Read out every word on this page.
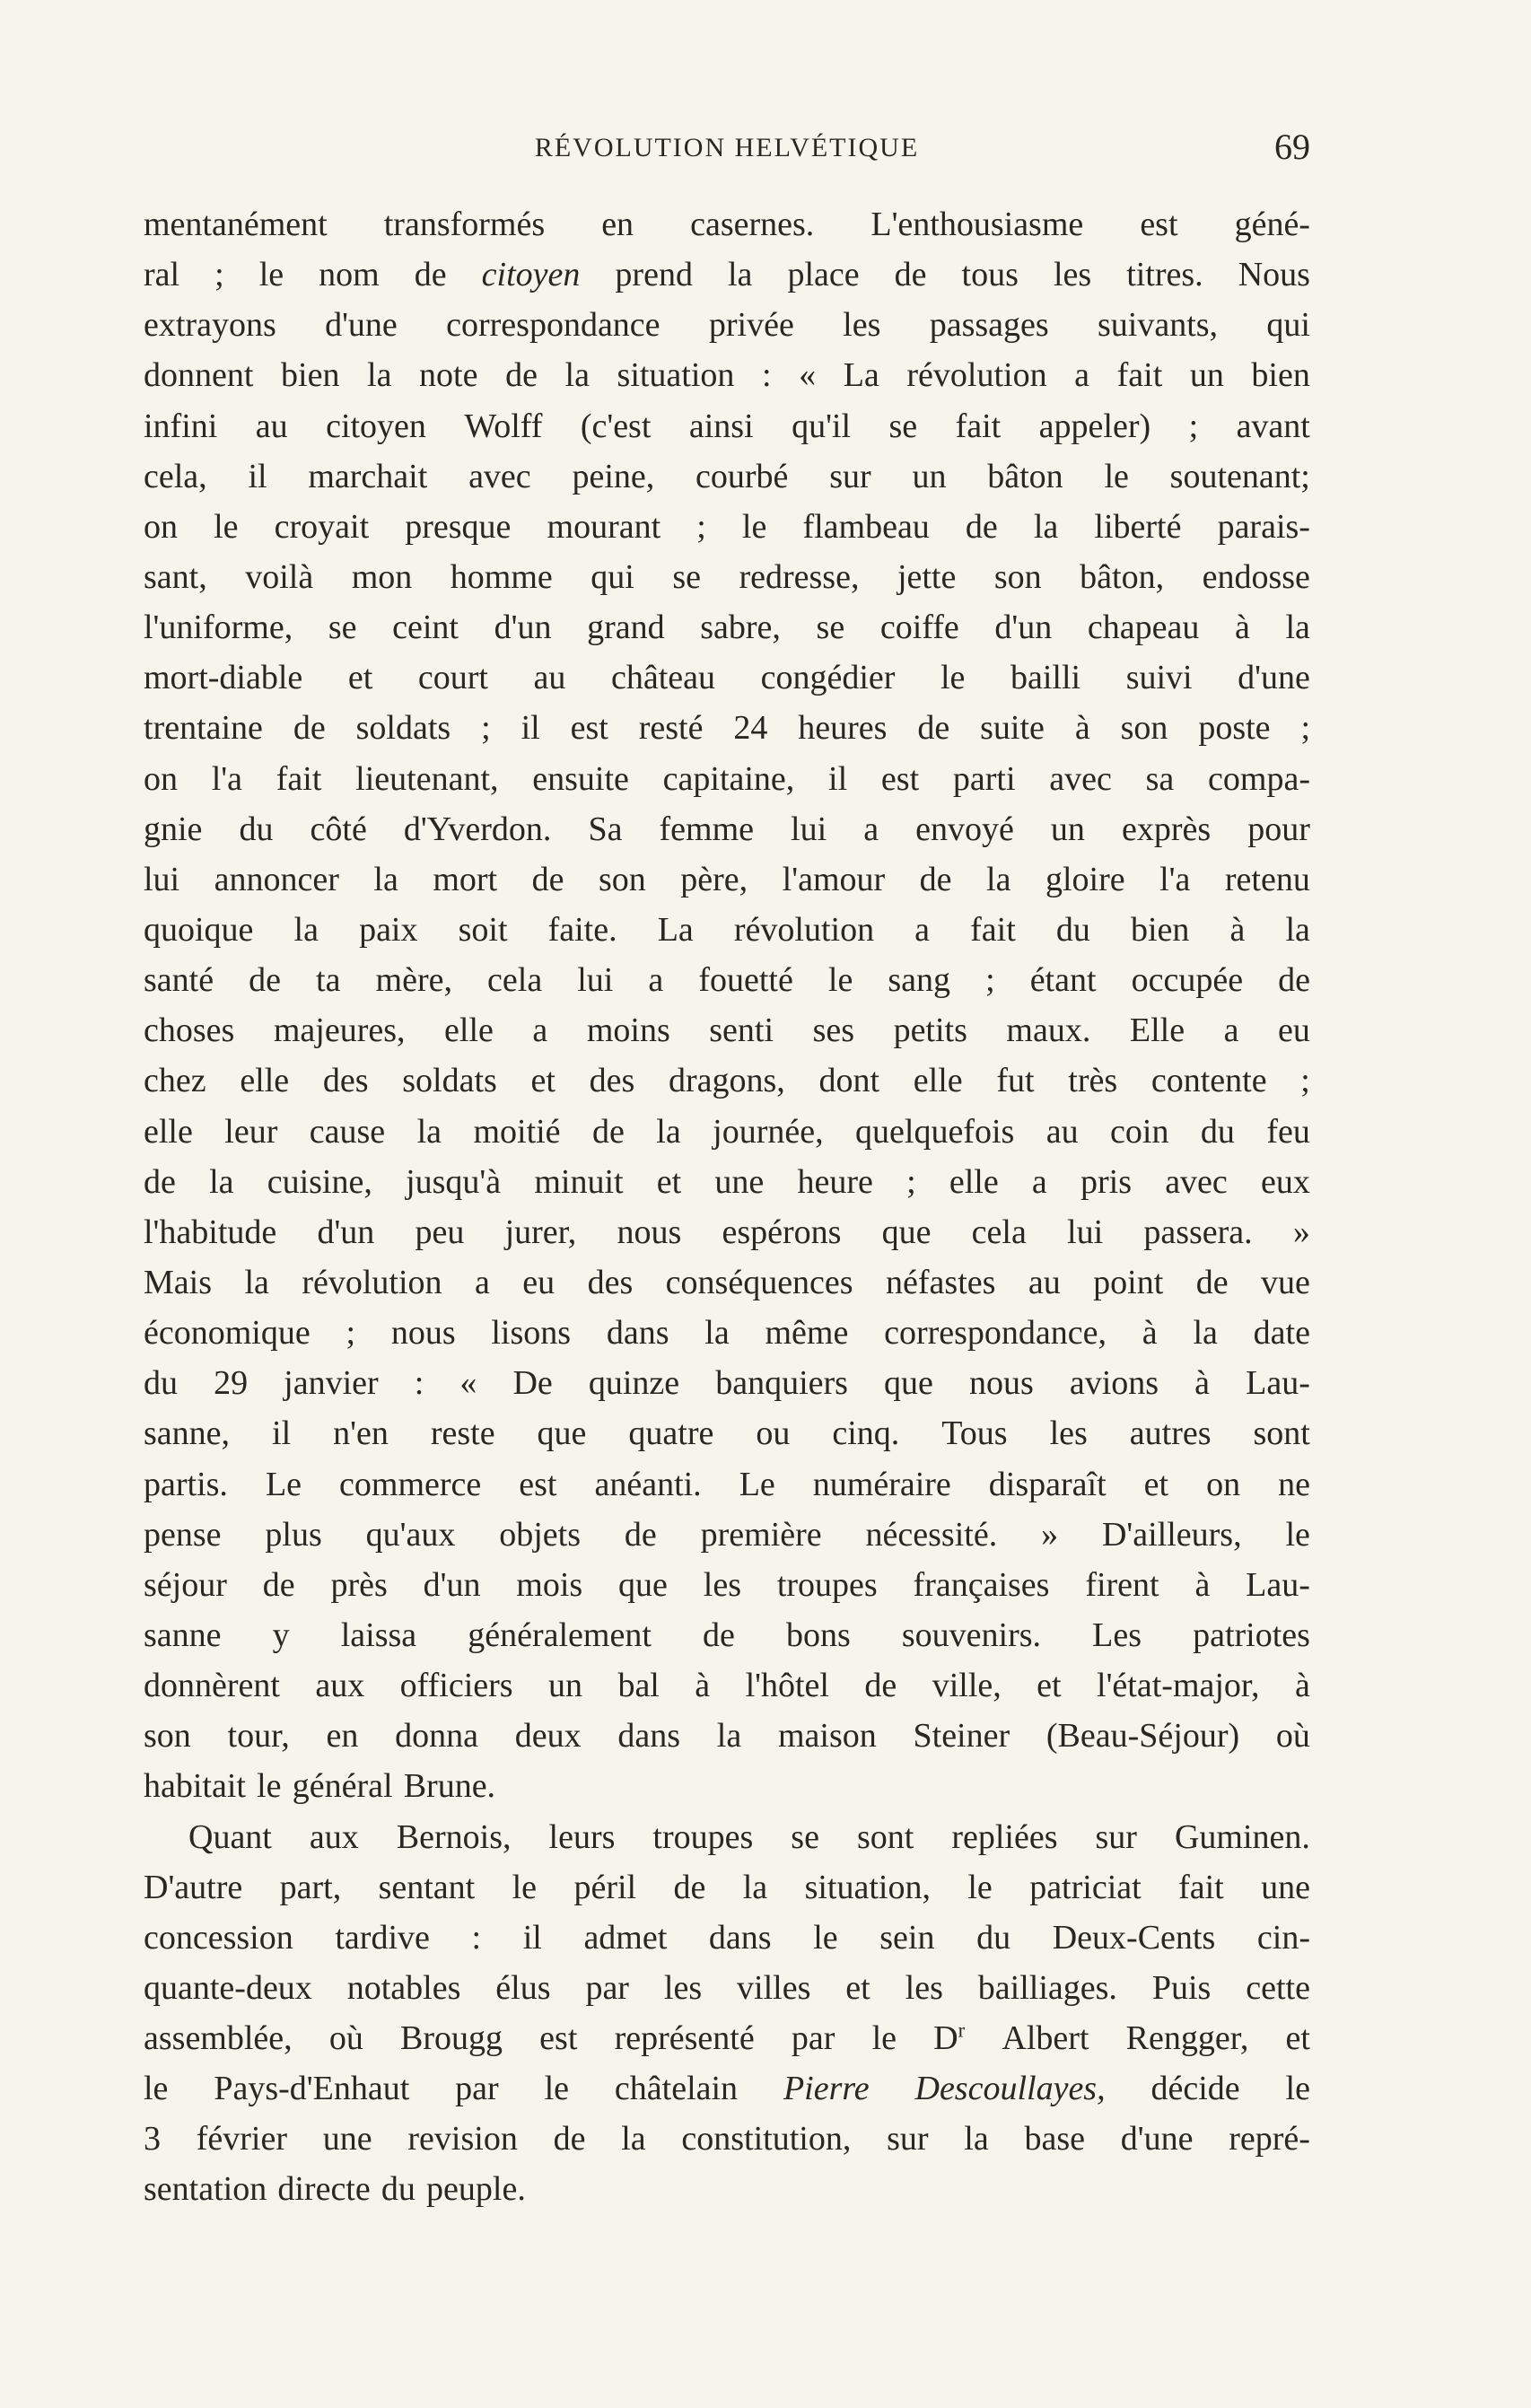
RÉVOLUTION HELVÉTIQUE	69
mentanément transformés en casernes. L'enthousiasme est géné-
ral ; le nom de citoyen prend la place de tous les titres. Nous
extrayons d'une correspondance privée les passages suivants, qui
donnent bien la note de la situation : « La révolution a fait un bien
infini au citoyen Wolff (c'est ainsi qu'il se fait appeler) ; avant
cela, il marchait avec peine, courbé sur un bâton le soutenant;
on le croyait presque mourant ; le flambeau de la liberté parais-
sant, voilà mon homme qui se redresse, jette son bâton, endosse
l'uniforme, se ceint d'un grand sabre, se coiffe d'un chapeau à la
mort-diable et court au château congédier le bailli suivi d'une
trentaine de soldats ; il est resté 24 heures de suite à son poste ;
on l'a fait lieutenant, ensuite capitaine, il est parti avec sa compa-
gnie du côté d'Yverdon. Sa femme lui a envoyé un exprès pour
lui annoncer la mort de son père, l'amour de la gloire l'a retenu
quoique la paix soit faite. La révolution a fait du bien à la
santé de ta mère, cela lui a fouetté le sang ; étant occupée de
choses majeures, elle a moins senti ses petits maux. Elle a eu
chez elle des soldats et des dragons, dont elle fut très contente ;
elle leur cause la moitié de la journée, quelquefois au coin du feu
de la cuisine, jusqu'à minuit et une heure ; elle a pris avec eux
l'habitude d'un peu jurer, nous espérons que cela lui passera. »
Mais la révolution a eu des conséquences néfastes au point de vue
économique ; nous lisons dans la même correspondance, à la date
du 29 janvier : « De quinze banquiers que nous avions à Lau-
sanne, il n'en reste que quatre ou cinq. Tous les autres sont
partis. Le commerce est anéanti. Le numéraire disparaît et on ne
pense plus qu'aux objets de première nécessité. » D'ailleurs, le
séjour de près d'un mois que les troupes françaises firent à Lau-
sanne y laissa généralement de bons souvenirs. Les patriotes
donnèrent aux officiers un bal à l'hôtel de ville, et l'état-major, à
son tour, en donna deux dans la maison Steiner (Beau-Séjour) où
habitait le général Brune.
Quant aux Bernois, leurs troupes se sont repliées sur Guminen.
D'autre part, sentant le péril de la situation, le patriciat fait une
concession tardive : il admet dans le sein du Deux-Cents cin-
quante-deux notables élus par les villes et les bailliages. Puis cette
assemblée, où Brougg est représenté par le $D^r$ Albert Rengger, et
le Pays-d'Enhaut par le châtelain Pierre Descoullayes, décide le
3 février une revision de la constitution, sur la base d'une repré-
sentation directe du peuple.
